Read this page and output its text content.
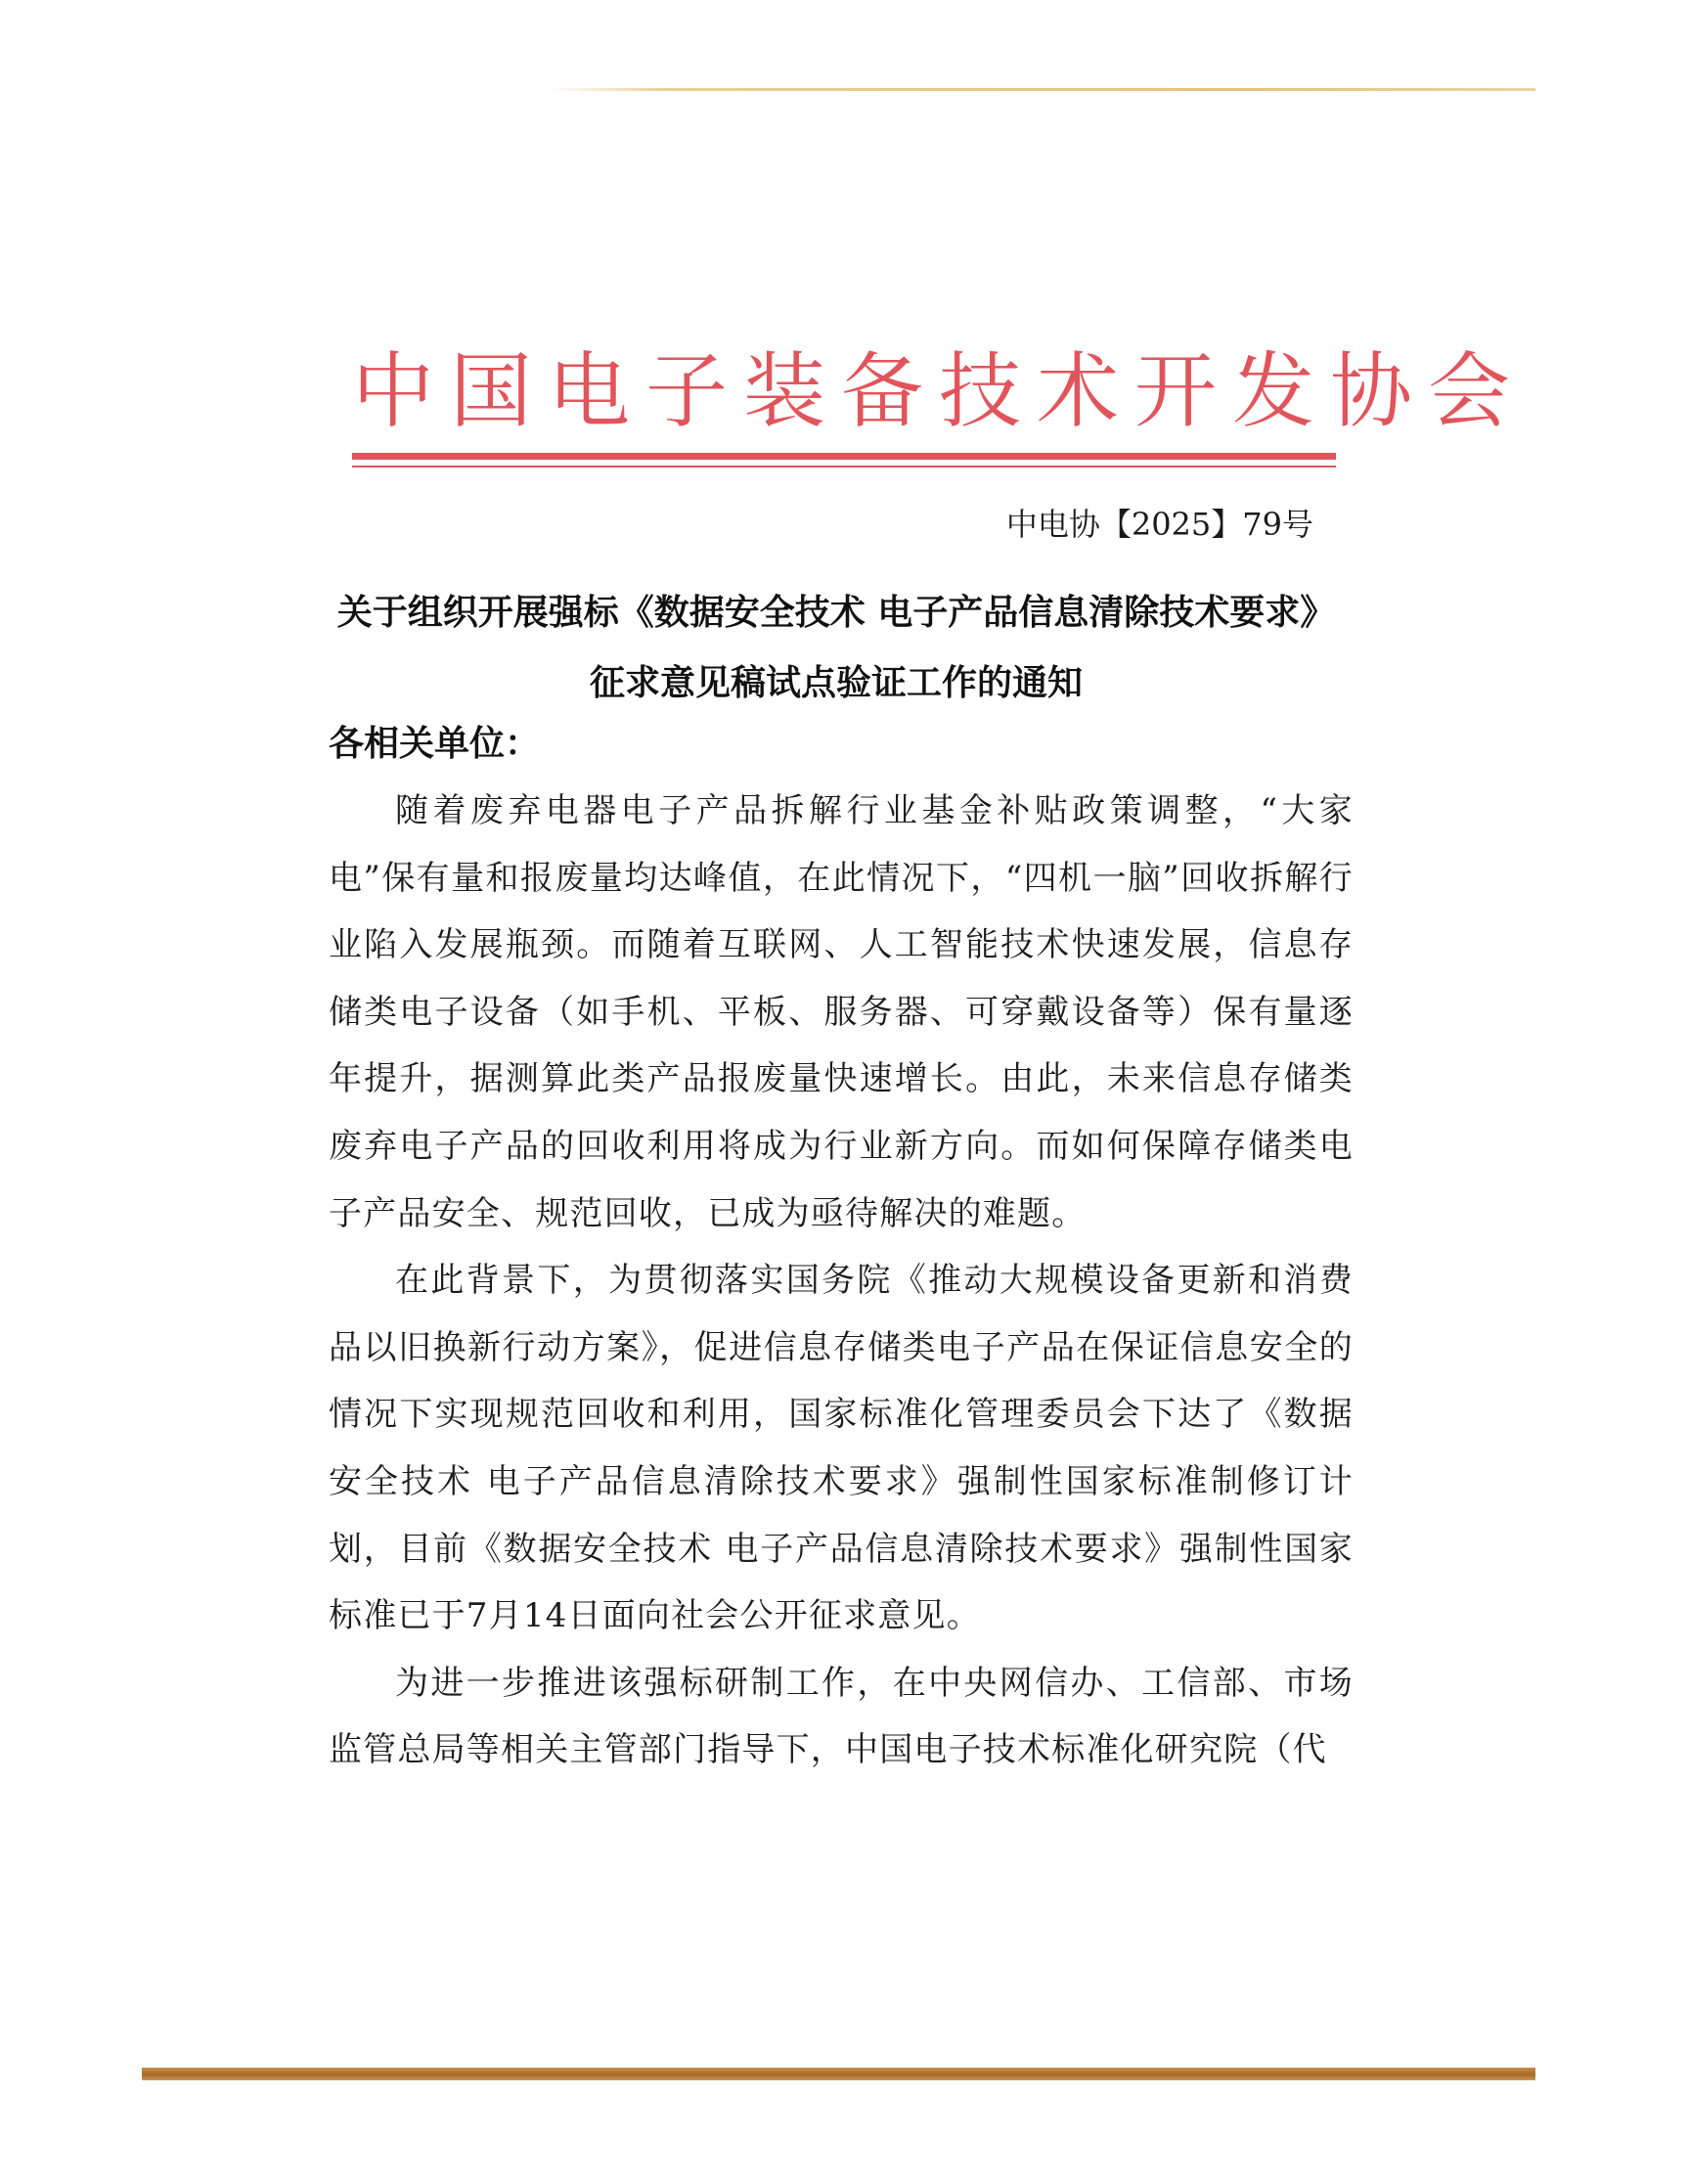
中国电子装备技术开发协会
中电协【2025】79号
关于组织开展强标《数据安全技术 电子产品信息清除技术要求》
征求意见稿试点验证工作的通知
各相关单位：

随着废弃电器电子产品拆解行业基金补贴政策调整，“大家电”保有量和报废量均达峰值，在此情况下，“四机一脑”回收拆解行业陷入发展瓶颈。而随着互联网、人工智能技术快速发展，信息存储类电子设备（如手机、平板、服务器、可穿戴设备等）保有量逐年提升，据测算此类产品报废量快速增长。由此，未来信息存储类废弃电子产品的回收利用将成为行业新方向。而如何保障存储类电子产品安全、规范回收，已成为亟待解决的难题。

在此背景下，为贯彻落实国务院《推动大规模设备更新和消费品以旧换新行动方案》，促进信息存储类电子产品在保证信息安全的情况下实现规范回收和利用，国家标准化管理委员会下达了《数据安全技术 电子产品信息清除技术要求》强制性国家标准制修订计划，目前《数据安全技术 电子产品信息清除技术要求》强制性国家标准已于7月14日面向社会公开征求意见。

为进一步推进该强标研制工作，在中央网信办、工信部、市场监管总局等相关主管部门指导下，中国电子技术标准化研究院（代
